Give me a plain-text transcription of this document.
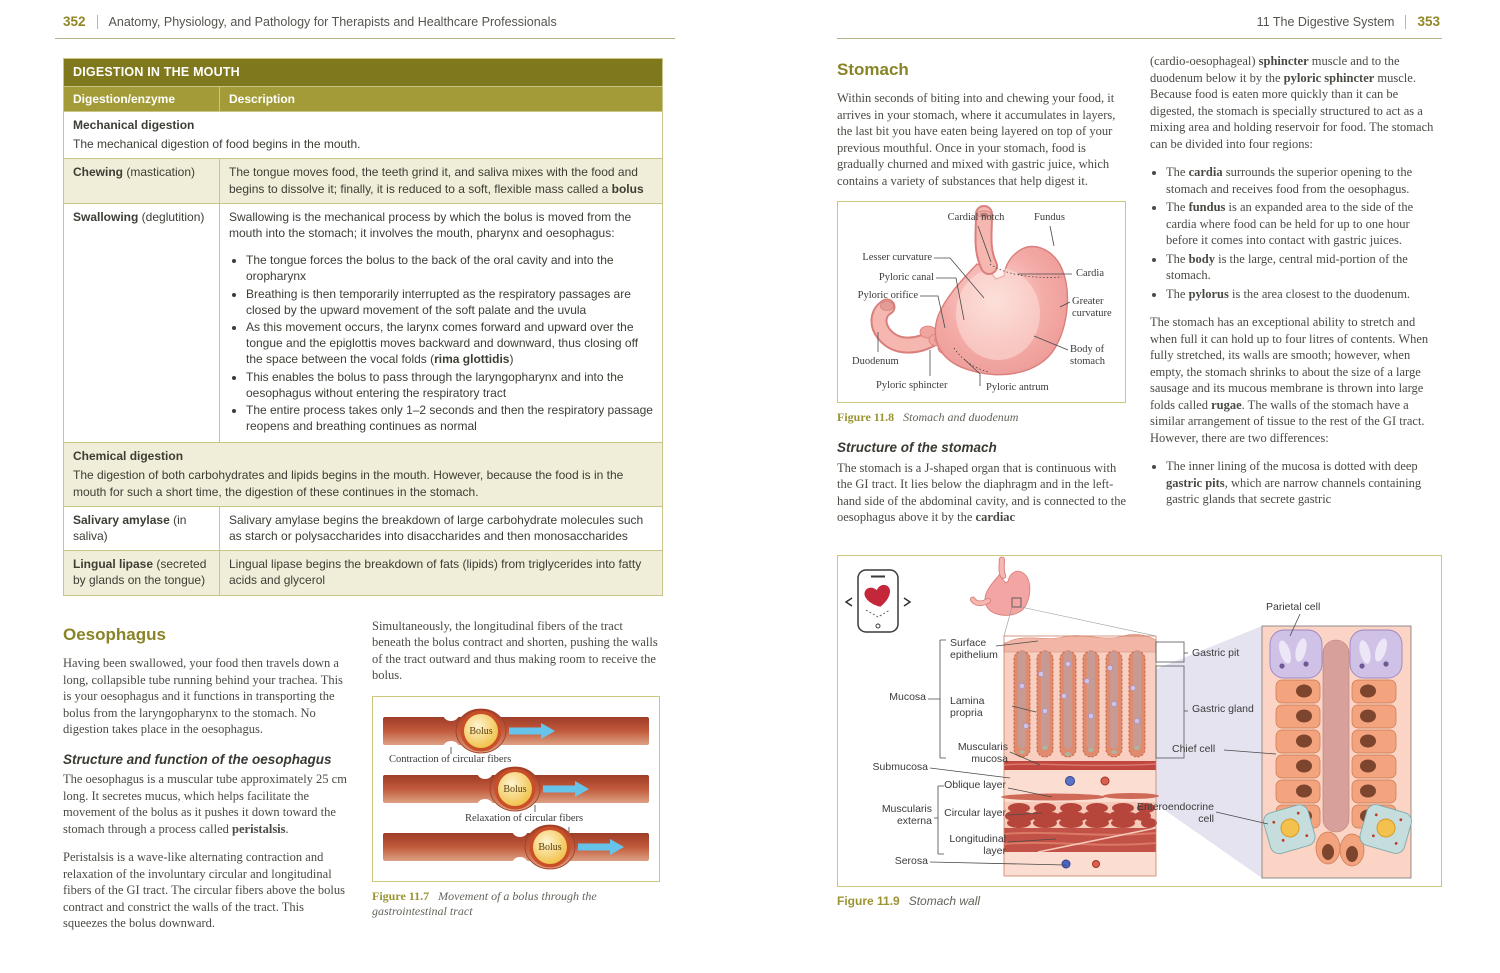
352 Anatomy, Physiology, and Pathology for Therapists and Healthcare Professionals
DIGESTION IN THE MOUTH	
Digestion/enzyme	Description

Mechanical digestion
The mechanical digestion of food begins in the mouth.	
Chewing (mastication)	The tongue moves food, the teeth grind it, and saliva mixes with the food and begins to dissolve it; finally, it is reduced to a soft, flexible mass called a bolus
Swallowing (deglutition)	Swallowing is the mechanical process by which the bolus is moved from the mouth into the stomach; it involves the mouth, pharynx and oesophagus:
• The tongue forces the bolus to the back of the oral cavity and into the oropharynx
• Breathing is then temporarily interrupted as the respiratory passages are closed by the upward movement of the soft palate and the uvula
• As this movement occurs, the larynx comes forward and upward over the tongue and the epiglottis moves backward and downward, thus closing off the space between the vocal folds (rima glottidis)
• This enables the bolus to pass through the laryngopharynx and into the oesophagus without entering the respiratory tract
• The entire process takes only 1–2 seconds and then the respiratory passage reopens and breathing continues as normal

Chemical digestion
The digestion of both carbohydrates and lipids begins in the mouth. However, because the food is in the mouth for such a short time, the digestion of these continues in the stomach.	
Salivary amylase (in saliva)	Salivary amylase begins the breakdown of large carbohydrate molecules such as starch or polysaccharides into disaccharides and then monosaccharides
Lingual lipase (secreted by glands on the tongue)	Lingual lipase begins the breakdown of fats (lipids) from triglycerides into fatty acids and glycerol
Oesophagus

Having been swallowed, your food then travels down a long, collapsible tube running behind your trachea. This is your oesophagus and it functions in transporting the bolus from the laryngopharynx to the stomach. No digestion takes place in the oesophagus.

Structure and function of the oesophagus

The oesophagus is a muscular tube approximately 25 cm long. It secretes mucus, which helps facilitate the movement of the bolus as it pushes it down toward the stomach through a process called peristalsis.

Peristalsis is a wave-like alternating contraction and relaxation of the involuntary circular and longitudinal fibers of the GI tract. The circular fibers above the bolus contract and constrict the walls of the tract. This squeezes the bolus downward.

Simultaneously, the longitudinal fibers of the tract beneath the bolus contract and shorten, pushing the walls of the tract outward and thus making room to receive the bolus.

Bolus
Bolus
Bolus
Contraction of circular fibers
Relaxation of circular fibers
Figure 11.7 Movement of a bolus through the gastrointestinal tract
11 The Digestive System 353
Stomach

Within seconds of biting into and chewing your food, it arrives in your stomach, where it accumulates in layers, the last bit you have eaten being layered on top of your previous mouthful. Once in your stomach, food is gradually churned and mixed with gastric juice, which contains a variety of substances that help digest it.

Cardial notch	Fundus
Lesser curvature
Pyloric canal
Pyloric orifice
Cardia
Greater curvature
Body of stomach
Duodenum
Pyloric sphincter	Pyloric antrum
Figure 11.8 Stomach and duodenum
Structure of the stomach

The stomach is a J-shaped organ that is continuous with the GI tract. It lies below the diaphragm and in the left-hand side of the abdominal cavity, and is connected to the oesophagus above it by the cardiac

(cardio-oesophageal) sphincter muscle and to the duodenum below it by the pyloric sphincter muscle. Because food is eaten more quickly than it can be digested, the stomach is specially structured to act as a mixing area and holding reservoir for food. The stomach can be divided into four regions:

• The cardia surrounds the superior opening to the stomach and receives food from the oesophagus.
• The fundus is an expanded area to the side of the cardia where food can be held for up to one hour before it comes into contact with gastric juices.
• The body is the large, central mid-portion of the stomach.
• The pylorus is the area closest to the duodenum.

The stomach has an exceptional ability to stretch and when full it can hold up to four litres of contents. When fully stretched, its walls are smooth; however, when empty, the stomach shrinks to about the size of a large sausage and its mucous membrane is thrown into large folds called rugae. The walls of the stomach have a similar arrangement of tissue to the rest of the GI tract. However, there are two differences:

• The inner lining of the mucosa is dotted with deep gastric pits, which are narrow channels containing gastric glands that secrete gastric
Surface epithelium
Mucosa Lamina propria
Muscularis mucosa
Submucosa
Oblique layer
Muscularis externa
Circular layer
Longitudinal layer
Serosa
Parietal cell
Gastric pit
Gastric gland
Chief cell
Enteroendocrine cell
Figure 11.9 Stomach wall
